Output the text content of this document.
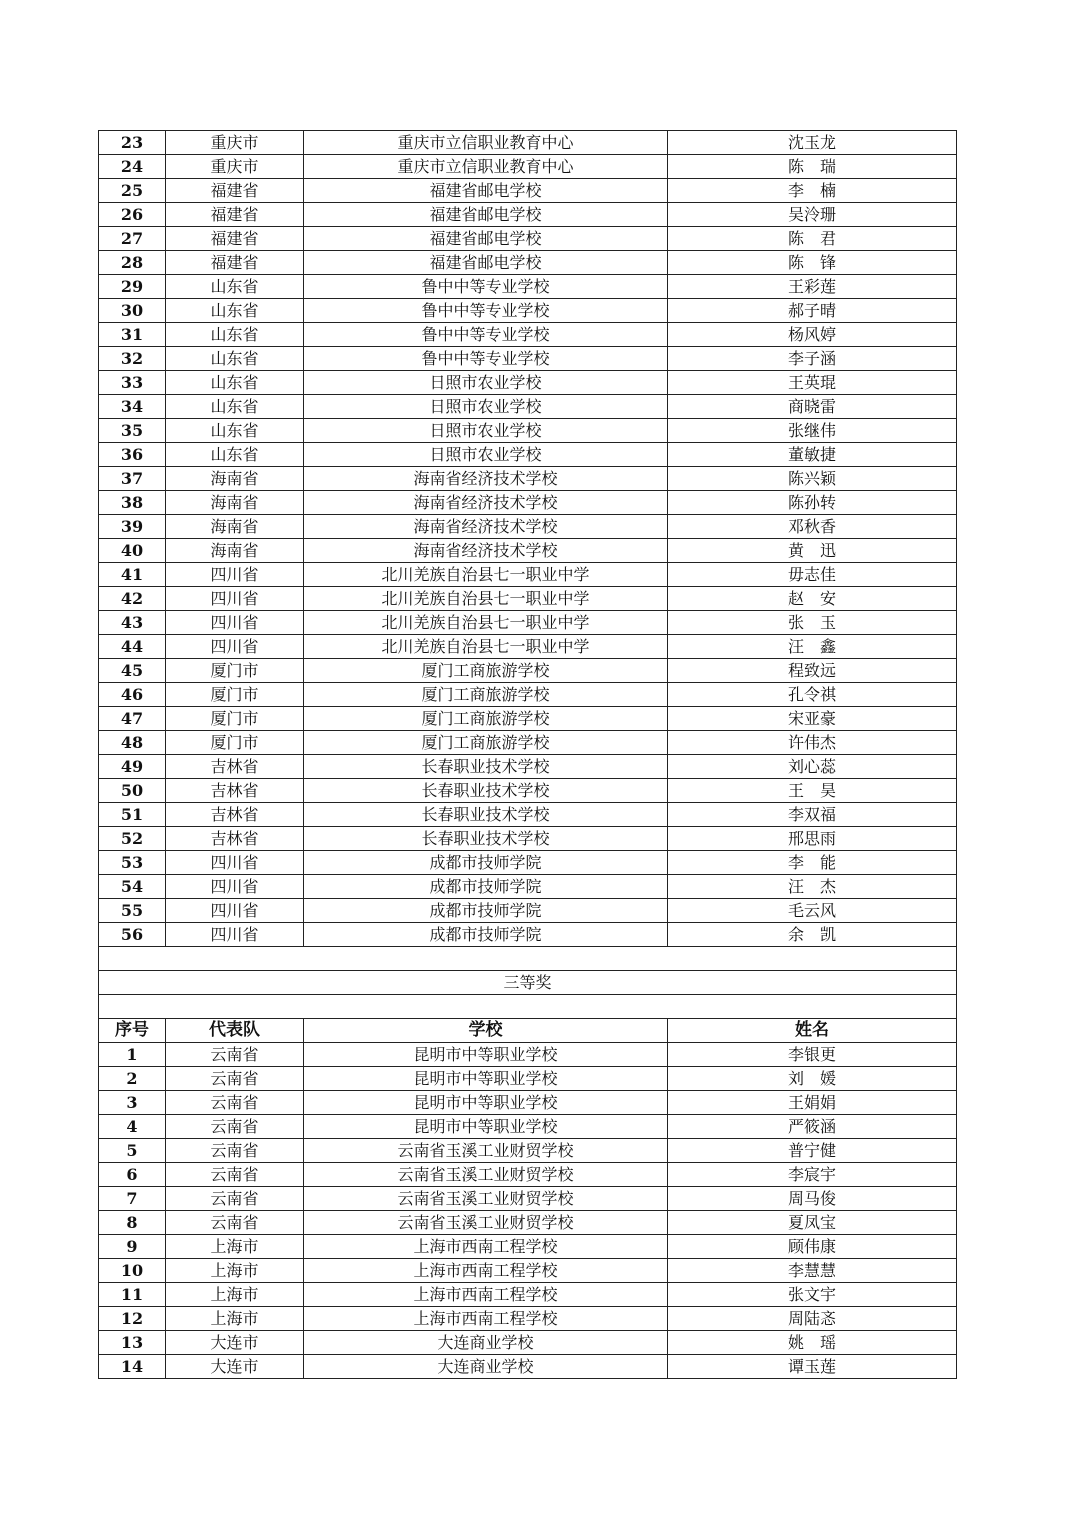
23	重庆市	重庆市立信职业教育中心	沈玉龙
24	重庆市	重庆市立信职业教育中心	陈　瑞
25	福建省	福建省邮电学校	李　楠
26	福建省	福建省邮电学校	吴泠珊
27	福建省	福建省邮电学校	陈　君
28	福建省	福建省邮电学校	陈　锋
29	山东省	鲁中中等专业学校	王彩莲
30	山东省	鲁中中等专业学校	郝子晴
31	山东省	鲁中中等专业学校	杨风婷
32	山东省	鲁中中等专业学校	李子涵
33	山东省	日照市农业学校	王英琨
34	山东省	日照市农业学校	商晓雷
35	山东省	日照市农业学校	张继伟
36	山东省	日照市农业学校	董敏捷
37	海南省	海南省经济技术学校	陈兴颖
38	海南省	海南省经济技术学校	陈孙转
39	海南省	海南省经济技术学校	邓秋香
40	海南省	海南省经济技术学校	黄　迅
41	四川省	北川羌族自治县七一职业中学	毋志佳
42	四川省	北川羌族自治县七一职业中学	赵　安
43	四川省	北川羌族自治县七一职业中学	张　玉
44	四川省	北川羌族自治县七一职业中学	汪　鑫
45	厦门市	厦门工商旅游学校	程致远
46	厦门市	厦门工商旅游学校	孔令祺
47	厦门市	厦门工商旅游学校	宋亚豪
48	厦门市	厦门工商旅游学校	许伟杰
49	吉林省	长春职业技术学校	刘心蕊
50	吉林省	长春职业技术学校	王　昊
51	吉林省	长春职业技术学校	李双福
52	吉林省	长春职业技术学校	邢思雨
53	四川省	成都市技师学院	李　能
54	四川省	成都市技师学院	汪　杰
55	四川省	成都市技师学院	毛云风
56	四川省	成都市技师学院	余　凯

三等奖			

序号	代表队	学校	姓名
1	云南省	昆明市中等职业学校	李银更
2	云南省	昆明市中等职业学校	刘　媛
3	云南省	昆明市中等职业学校	王娟娟
4	云南省	昆明市中等职业学校	严筱涵
5	云南省	云南省玉溪工业财贸学校	普宁健
6	云南省	云南省玉溪工业财贸学校	李宸宇
7	云南省	云南省玉溪工业财贸学校	周马俊
8	云南省	云南省玉溪工业财贸学校	夏凤宝
9	上海市	上海市西南工程学校	顾伟康
10	上海市	上海市西南工程学校	李慧慧
11	上海市	上海市西南工程学校	张文宇
12	上海市	上海市西南工程学校	周陆忞
13	大连市	大连商业学校	姚　瑶
14	大连市	大连商业学校	谭玉莲
